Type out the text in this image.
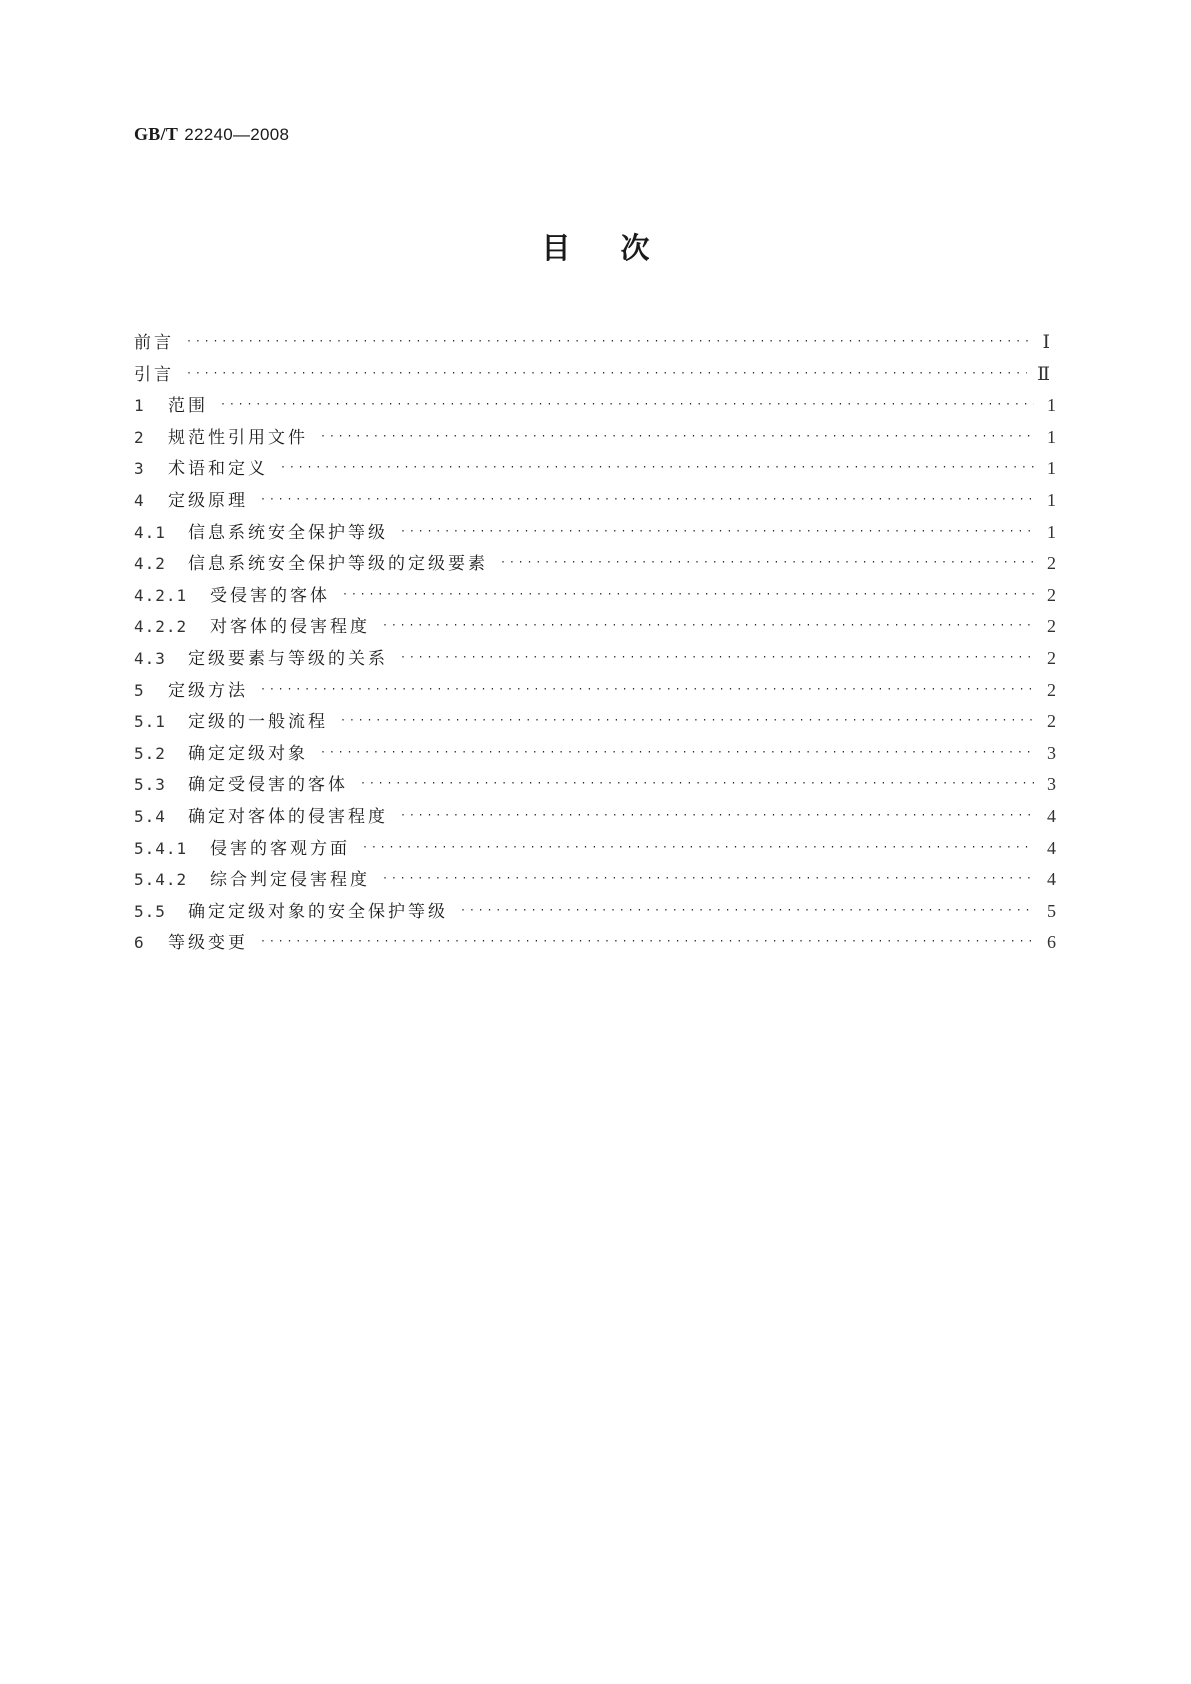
GB/T 22240—2008
目次
前言 ·····	Ⅰ
引言 ·····	Ⅱ
1	范围 ·····	1
2	规范性引用文件 ·····	1
3	术语和定义 ·····	1
4	定级原理 ·····	1
4.1	信息系统安全保护等级 ·····	1
4.2	信息系统安全保护等级的定级要素 ·····	2
4.2.1	受侵害的客体 ·····	2
4.2.2	对客体的侵害程度 ·····	2
4.3	定级要素与等级的关系 ·····	2
5	定级方法 ·····	2
5.1	定级的一般流程 ·····	2
5.2	确定定级对象 ·····	3
5.3	确定受侵害的客体 ·····	3
5.4	确定对客体的侵害程度 ·····	4
5.4.1	侵害的客观方面 ·····	4
5.4.2	综合判定侵害程度 ·····	4
5.5	确定定级对象的安全保护等级 ·····	5
6	等级变更 ·····	6
